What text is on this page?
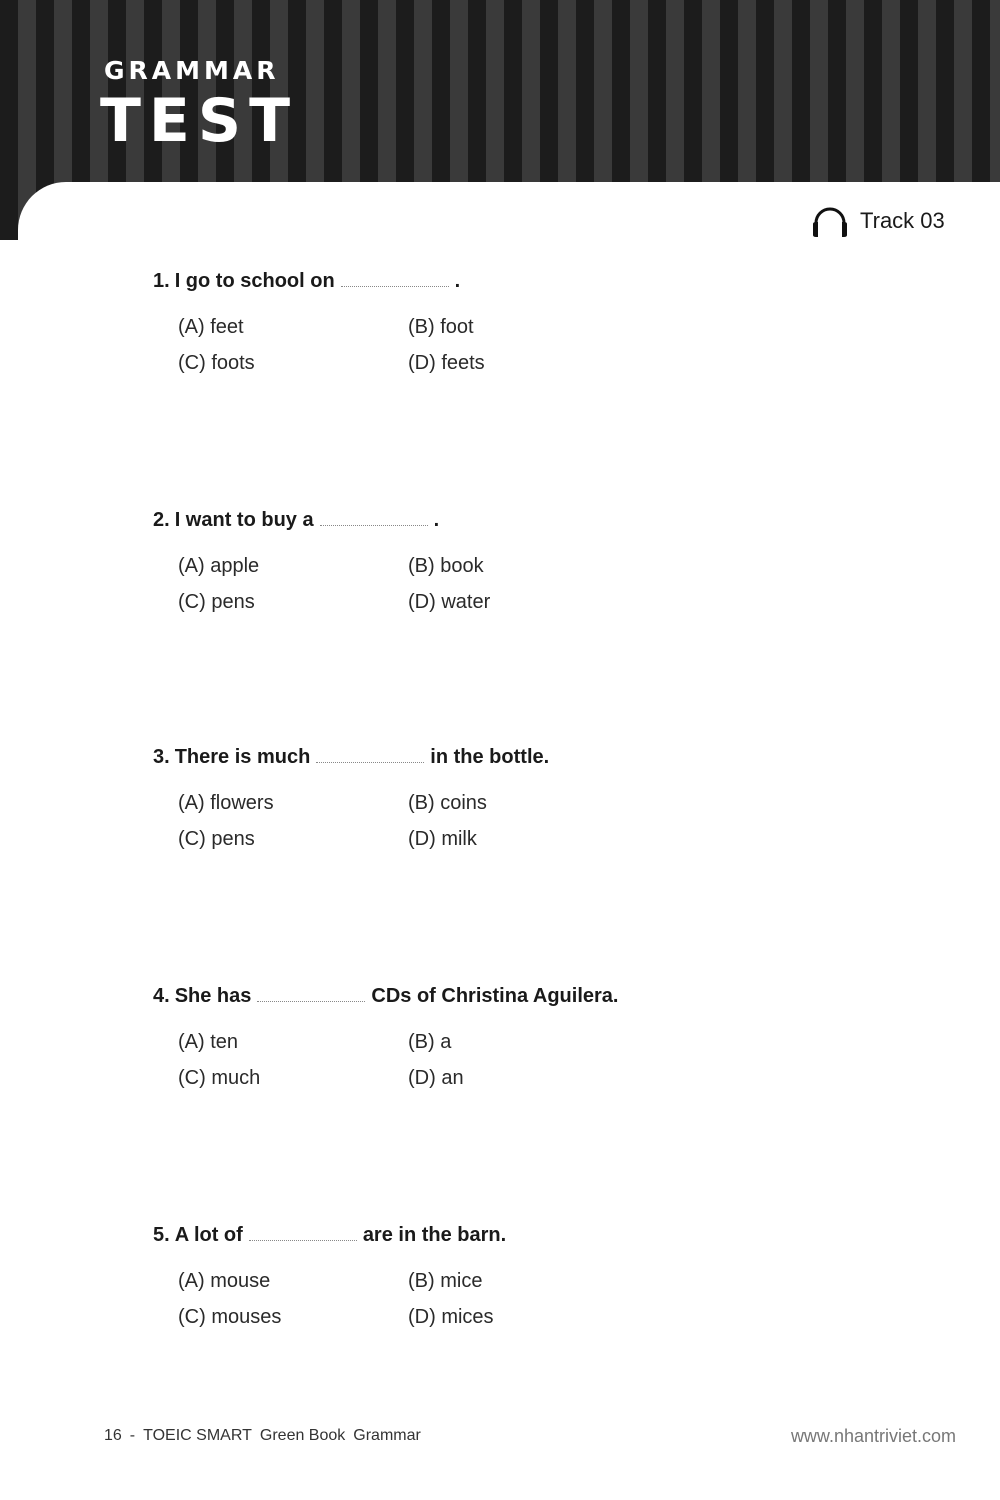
GRAMMAR
TEST
Track 03
1. I go to school on	.
(A) feet	(B) foot
(C) foots	(D) feets
2. I want to buy a	.
(A) apple	(B) book
(C) pens	(D) water
3. There is much	in the bottle.
(A) flowers	(B) coins
(C) pens	(D) milk
4. She has	CDs of Christina Aguilera.
(A) ten	(B) a
(C) much	(D) an
5. A lot of	are in the barn.
(A) mouse	(B) mice
(C) mouses	(D) mices
16 - TOEIC SMART Green Book Grammar	www.nhantriviet.com
